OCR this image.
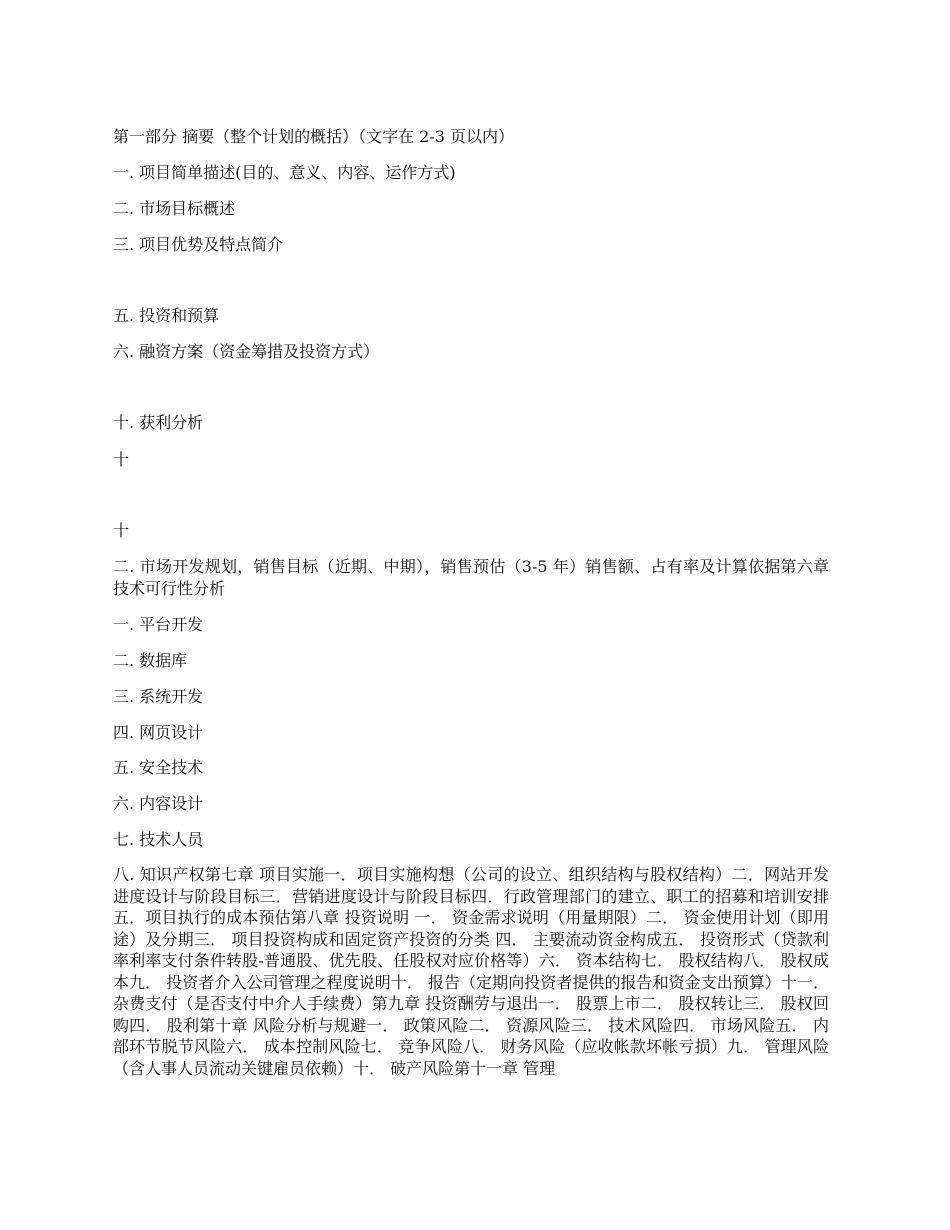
第一部分 摘要（整个计划的概括）（文字在 2-3 页以内）
一. 项目简单描述(目的、意义、内容、运作方式)
二. 市场目标概述
三. 项目优势及特点简介
五. 投资和预算
六. 融资方案（资金筹措及投资方式）
十. 获利分析
十
十
二. 市场开发规划，销售目标（近期、中期），销售预估（3-5 年）销售额、占有率及计算依据第六章 技术可行性分析
一. 平台开发
二. 数据库
三. 系统开发
四. 网页设计
五. 安全技术
六. 内容设计
七. 技术人员
八. 知识产权第七章 项目实施一．项目实施构想（公司的设立、组织结构与股权结构）二．网站开发进度设计与阶段目标三．营销进度设计与阶段目标四．行政管理部门的建立、职工的招募和培训安排五．项目执行的成本预估第八章 投资说明 一． 资金需求说明（用量期限）二． 资金使用计划（即用途）及分期三． 项目投资构成和固定资产投资的分类 四． 主要流动资金构成五． 投资形式（贷款利率利率支付条件转股-普通股、优先股、任股权对应价格等）六． 资本结构七． 股权结构八． 股权成本九． 投资者介入公司管理之程度说明十． 报告（定期向投资者提供的报告和资金支出预算）十一． 杂费支付（是否支付中介人手续费）第九章 投资酬劳与退出一． 股票上市二． 股权转让三． 股权回购四． 股利第十章 风险分析与规避一． 政策风险二． 资源风险三． 技术风险四． 市场风险五． 内部环节脱节风险六． 成本控制风险七． 竞争风险八． 财务风险（应收帐款坏帐亏损）九． 管理风险（含人事人员流动关键雇员依赖）十． 破产风险第十一章 管理
